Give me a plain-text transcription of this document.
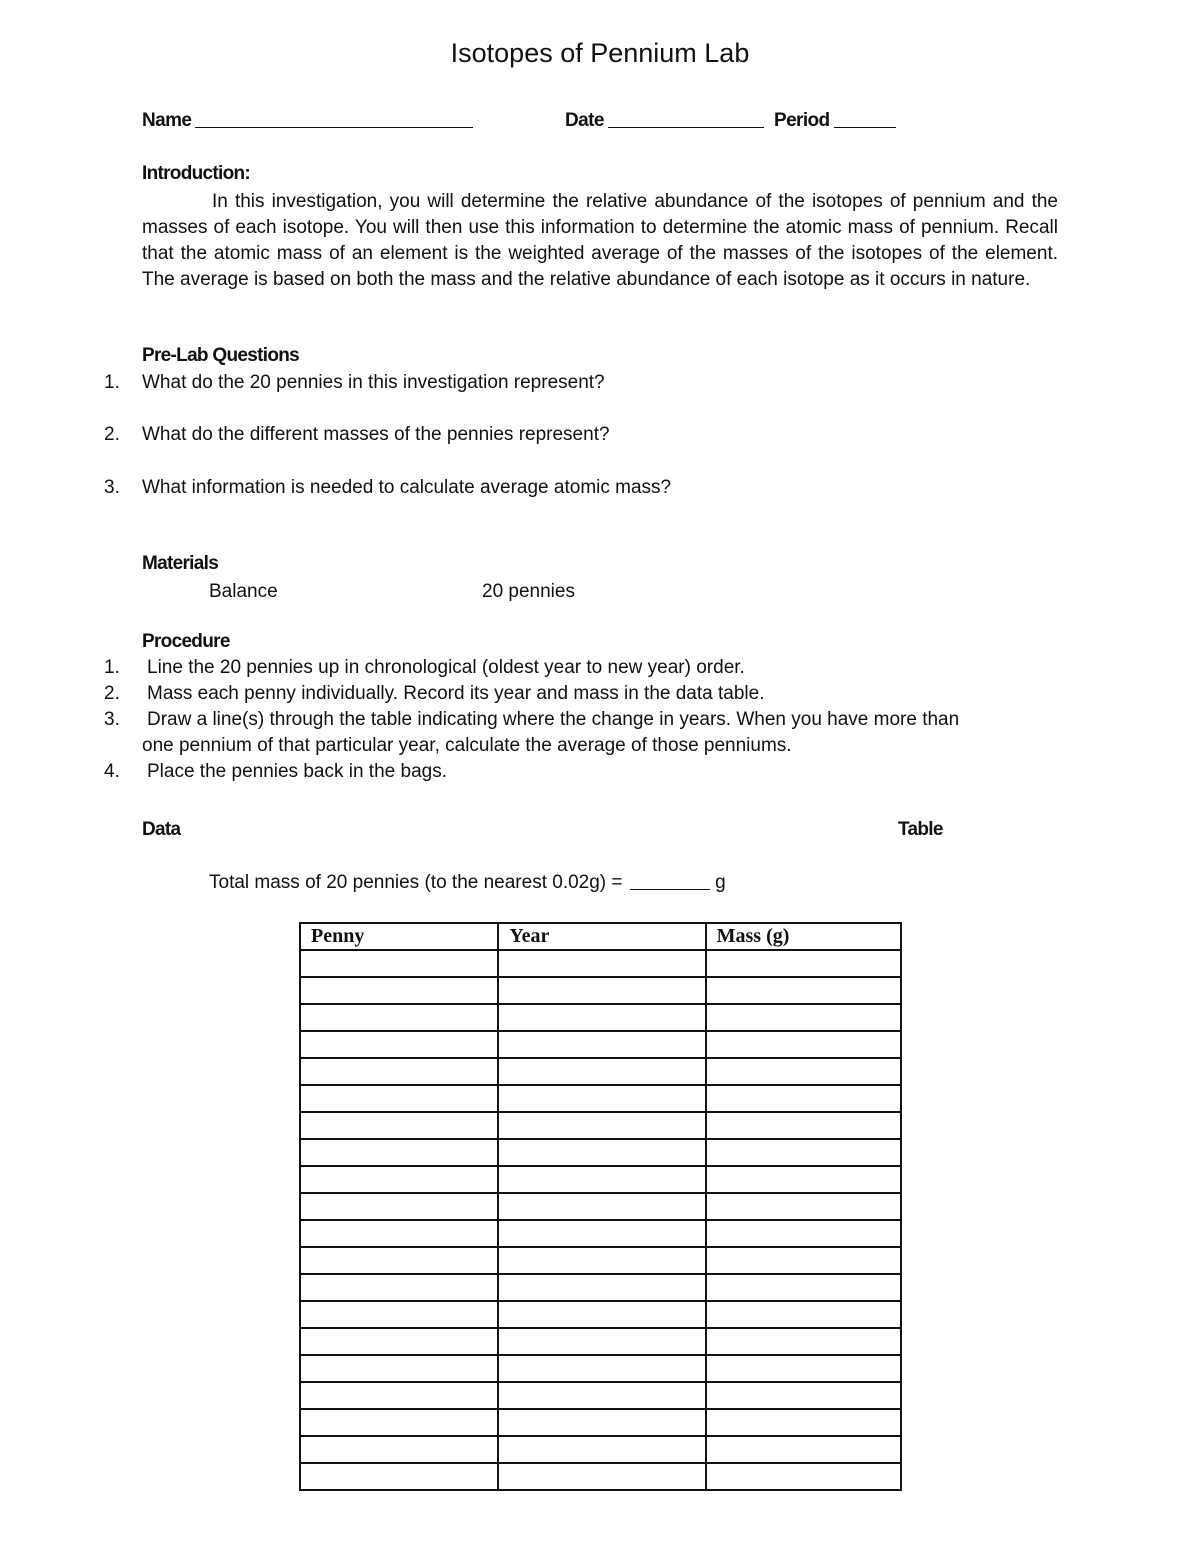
Isotopes of Pennium Lab
Name	Date	Period
Introduction:
In this investigation, you will determine the relative abundance of the isotopes of pennium and the masses of each isotope. You will then use this information to determine the atomic mass of pennium. Recall that the atomic mass of an element is the weighted average of the masses of the isotopes of the element. The average is based on both the mass and the relative abundance of each isotope as it occurs in nature.
Pre-Lab Questions
1. What do the 20 pennies in this investigation represent?
2. What do the different masses of the pennies represent?
3. What information is needed to calculate average atomic mass?
Materials
Balance	20 pennies
Procedure
1. Line the 20 pennies up in chronological (oldest year to new year) order.
2. Mass each penny individually. Record its year and mass in the data table.
3. Draw a line(s) through the table indicating where the change in years. When you have more than
one pennium of that particular year, calculate the average of those penniums.
4. Place the pennies back in the bags.
Data	Table
Total mass of 20 pennies (to the nearest 0.02g) =	g
Penny	Year	Mass (g)
